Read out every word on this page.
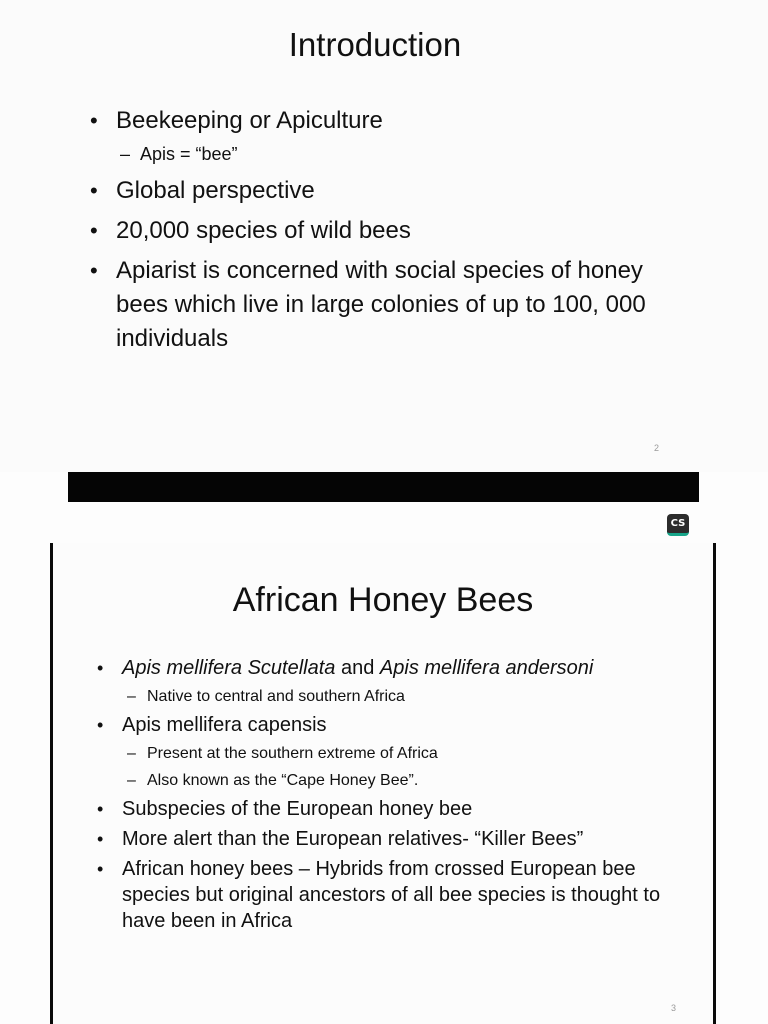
Introduction
• Beekeeping or Apiculture
– Apis = “bee”
• Global perspective
• 20,000 species of wild bees
• Apiarist is concerned with social species of honey bees which live in large colonies of up to 100, 000 individuals
2
CS
African Honey Bees
• Apis mellifera Scutellata and Apis mellifera andersoni
– Native to central and southern Africa
• Apis mellifera capensis
– Present at the southern extreme of Africa
– Also known as the “Cape Honey Bee”.
• Subspecies of the European honey bee
• More alert than the European relatives- “Killer Bees”
• African honey bees – Hybrids from crossed European bee species but original ancestors of all bee species is thought to have been in Africa
3
